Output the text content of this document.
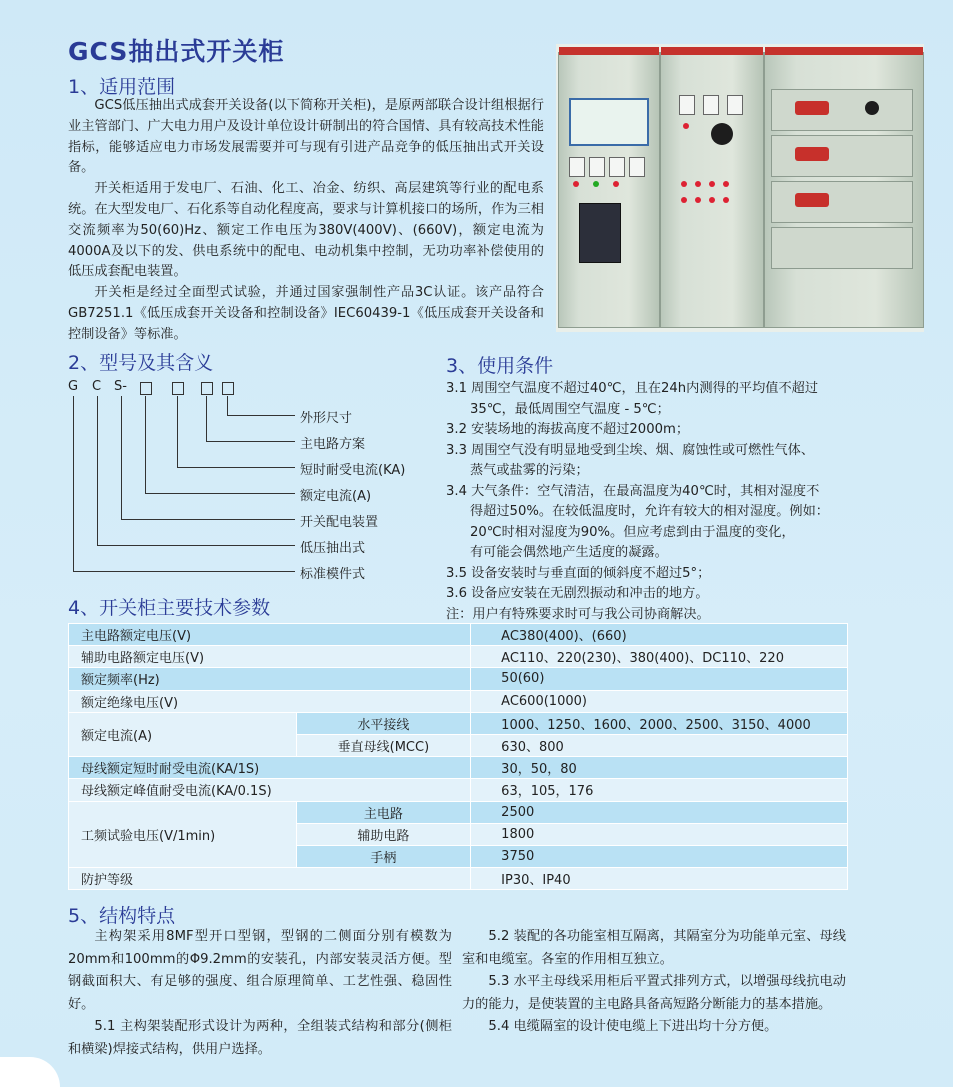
GCS抽出式开关柜
1、适用范围

GCS低压抽出式成套开关设备(以下简称开关柜)，是原两部联合设计组根据行业主管部门、广大电力用户及设计单位设计研制出的符合国情、具有较高技术性能指标，能够适应电力市场发展需要并可与现有引进产品竞争的低压抽出式开关设备。

开关柜适用于发电厂、石油、化工、冶金、纺织、高层建筑等行业的配电系统。在大型发电厂、石化系等自动化程度高，要求与计算机接口的场所，作为三相交流频率为50(60)Hz、额定工作电压为380V(400V)、(660V)，额定电流为4000A及以下的发、供电系统中的配电、电动机集中控制，无功功率补偿使用的低压成套配电装置。

开关柜是经过全面型式试验，并通过国家强制性产品3C认证。该产品符合GB7251.1《低压成套开关设备和控制设备》IEC60439-1《低压成套开关设备和控制设备》等标准。

2、型号及其含义
G C S-
外形尺寸
主电路方案
短时耐受电流(KA)
额定电流(A)
开关配电装置
低压抽出式
标准模件式
3、使用条件
3.1 周围空气温度不超过40℃，且在24h内测得的平均值不超过
35℃，最低周围空气温度 - 5℃；
3.2 安装场地的海拔高度不超过2000m；
3.3 周围空气没有明显地受到尘埃、烟、腐蚀性或可燃性气体、
蒸气或盐雾的污染；
3.4 大气条件：空气清洁，在最高温度为40℃时，其相对湿度不
得超过50%。在较低温度时，允许有较大的相对湿度。例如：
20℃时相对湿度为90%。但应考虑到由于温度的变化，
有可能会偶然地产生适度的凝露。
3.5 设备安装时与垂直面的倾斜度不超过5°；
3.6 设备应安装在无剧烈振动和冲击的地方。
注：用户有特殊要求时可与我公司协商解决。
4、开关柜主要技术参数
主电路额定电压(V)		AC380(400)、(660)
辅助电路额定电压(V)		AC110、220(230)、380(400)、DC110、220
额定频率(Hz)		50(60)
额定绝缘电压(V)		AC600(1000)
额定电流(A)	水平接线	1000、1250、1600、2000、2500、3150、4000
	垂直母线(MCC)	630、800
母线额定短时耐受电流(KA/1S)		30，50，80
母线额定峰值耐受电流(KA/0.1S)		63，105，176
工频试验电压(V/1min)	主电路	2500
	辅助电路	1800
	手柄	3750
防护等级		IP30、IP40
5、结构特点

主构架采用8MF型开口型钢，型钢的二侧面分别有模数为20mm和100mm的Φ9.2mm的安装孔，内部安装灵活方便。型钢截面积大、有足够的强度、组合原理简单、工艺性强、稳固性好。

5.1 主构架装配形式设计为两种，全组装式结构和部分(侧柜和横梁)焊接式结构，供用户选择。

5.2 装配的各功能室相互隔离，其隔室分为功能单元室、母线室和电缆室。各室的作用相互独立。

5.3 水平主母线采用柜后平置式排列方式，以增强母线抗电动力的能力，是使装置的主电路具备高短路分断能力的基本措施。

5.4 电缆隔室的设计使电缆上下进出均十分方便。
